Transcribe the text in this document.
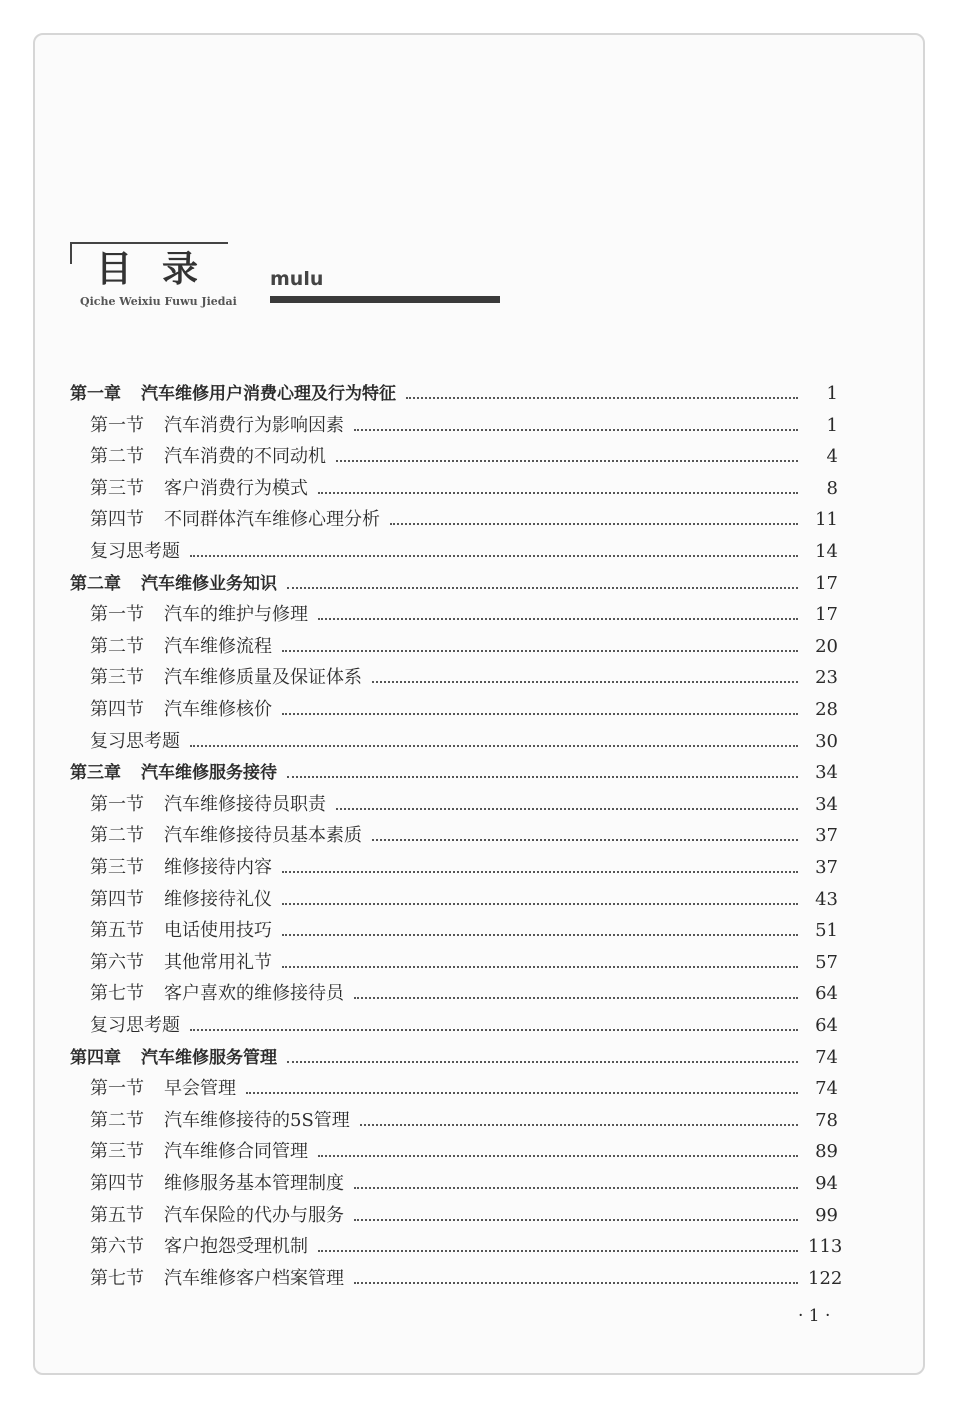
目录
Qiche Weixiu Fuwu Jiedai
mulu
第一章 汽车维修用户消费心理及行为特征	1
第一节 汽车消费行为影响因素	1
第二节 汽车消费的不同动机	4
第三节 客户消费行为模式	8
第四节 不同群体汽车维修心理分析	11
复习思考题	14
第二章 汽车维修业务知识	17
第一节 汽车的维护与修理	17
第二节 汽车维修流程	20
第三节 汽车维修质量及保证体系	23
第四节 汽车维修核价	28
复习思考题	30
第三章 汽车维修服务接待	34
第一节 汽车维修接待员职责	34
第二节 汽车维修接待员基本素质	37
第三节 维修接待内容	37
第四节 维修接待礼仪	43
第五节 电话使用技巧	51
第六节 其他常用礼节	57
第七节 客户喜欢的维修接待员	64
复习思考题	64
第四章 汽车维修服务管理	74
第一节 早会管理	74
第二节 汽车维修接待的5S管理	78
第三节 汽车维修合同管理	89
第四节 维修服务基本管理制度	94
第五节 汽车保险的代办与服务	99
第六节 客户抱怨受理机制	113
第七节 汽车维修客户档案管理	122
· 1 ·
